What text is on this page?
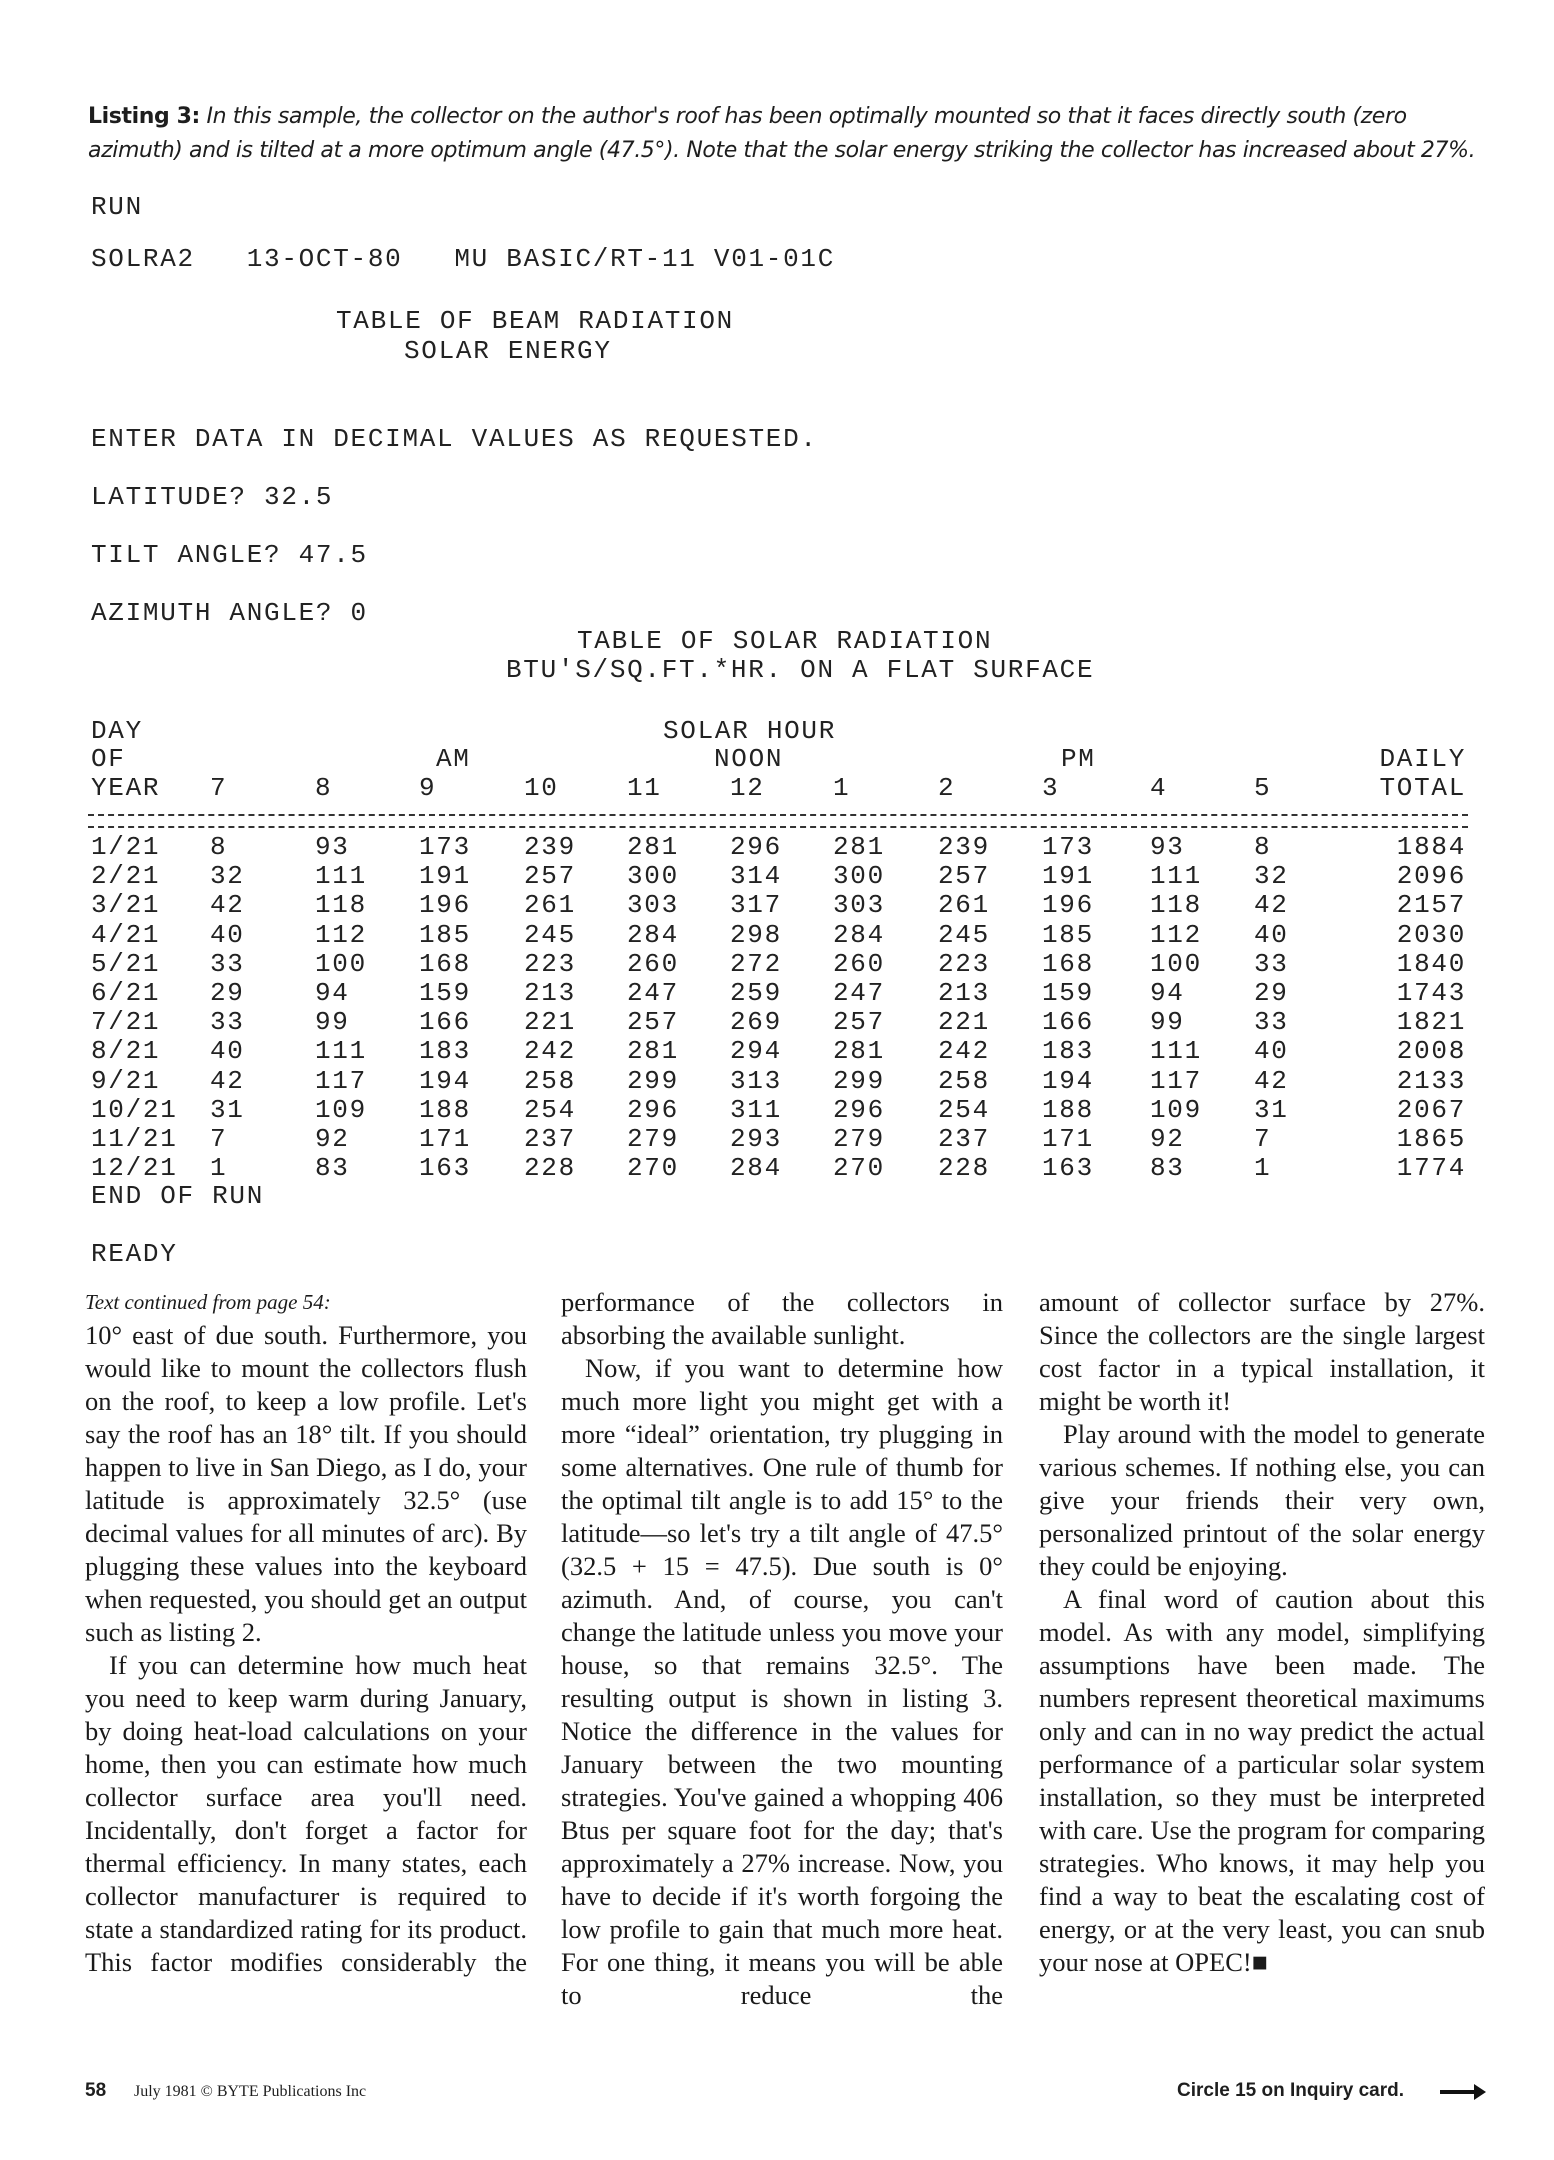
Listing 3: In this sample, the collector on the author's roof has been optimally mounted so that it faces directly south (zero azimuth) and is tilted at a more optimum angle (47.5°). Note that the solar energy striking the collector has increased about 27%.
RUN
SOLRA2   13-OCT-80   MU BASIC/RT-11 V01-01C
TABLE OF BEAM RADIATION
SOLAR ENERGY
ENTER DATA IN DECIMAL VALUES AS REQUESTED.
LATITUDE? 32.5
TILT ANGLE? 47.5
AZIMUTH ANGLE? 0
TABLE OF SOLAR RADIATION
BTU'S/SQ.FT.*HR. ON A FLAT SURFACE
DAY
OF
YEAR
SOLAR HOUR
AM	NOON	PM	DAILY
TOTAL
7	8	9	10	11	12	1	2	3	4	5
1/21 8	93	173 239 281 296 281 239 173 93	8	1884
2/21 32	111 191 257 300 314 300 257 191 111 32	2096
3/21 42	118 196 261 303 317 303 261 196 118 42	2157
4/21 40	112 185 245 284 298 284 245 185 112 40	2030
5/21 33	100 168 223 260 272 260 223 168 100 33	1840
6/21 29	94	159 213 247 259 247 213 159 94	29	1743
7/21 33	99	166 221 257 269 257 221 166 99	33	1821
8/21 40	111 183 242 281 294 281 242 183 111 40	2008
9/21 42	117 194 258 299 313 299 258 194 117 42	2133
10/21 31	109 188 254 296 311 296 254 188 109 31	2067
11/21 7	92	171 237 279 293 279 237 171 92	7	1865
12/21 1	83	163 228 270 284 270 228 163 83	1	1774
END OF RUN
READY

Text continued from page 54:

10° east of due south. Furthermore, you would like to mount the collectors flush on the roof, to keep a low profile. Let's say the roof has an 18° tilt. If you should happen to live in San Diego, as I do, your latitude is approximately 32.5° (use decimal values for all minutes of arc). By plugging these values into the keyboard when requested, you should get an output such as listing 2.

If you can determine how much heat you need to keep warm during January, by doing heat-load calculations on your home, then you can estimate how much collector surface area you'll need. Incidentally, don't forget a factor for thermal efficiency. In many states, each collector manufacturer is required to state a standardized rating for its product. This factor modifies considerably the

performance of the collectors in absorbing the available sunlight.

Now, if you want to determine how much more light you might get with a more “ideal” orientation, try plugging in some alternatives. One rule of thumb for the optimal tilt angle is to add 15° to the latitude—so let's try a tilt angle of 47.5° (32.5 + 15 = 47.5). Due south is 0° azimuth. And, of course, you can't change the latitude unless you move your house, so that remains 32.5°. The resulting output is shown in listing 3. Notice the difference in the values for January between the two mounting strategies. You've gained a whopping 406 Btus per square foot for the day; that's approximately a 27% increase. Now, you have to decide if it's worth forgoing the low profile to gain that much more heat. For one thing, it means you will be able to reduce the

amount of collector surface by 27%. Since the collectors are the single largest cost factor in a typical installation, it might be worth it!

Play around with the model to generate various schemes. If nothing else, you can give your friends their very own, personalized printout of the solar energy they could be enjoying.

A final word of caution about this model. As with any model, simplifying assumptions have been made. The numbers represent theoretical maximums only and can in no way predict the actual performance of a particular solar system installation, so they must be interpreted with care. Use the program for comparing strategies. Who knows, it may help you find a way to beat the escalating cost of energy, or at the very least, you can snub your nose at OPEC!■

58 July 1981 © BYTE Publications Inc	Circle 15 on Inquiry card.
